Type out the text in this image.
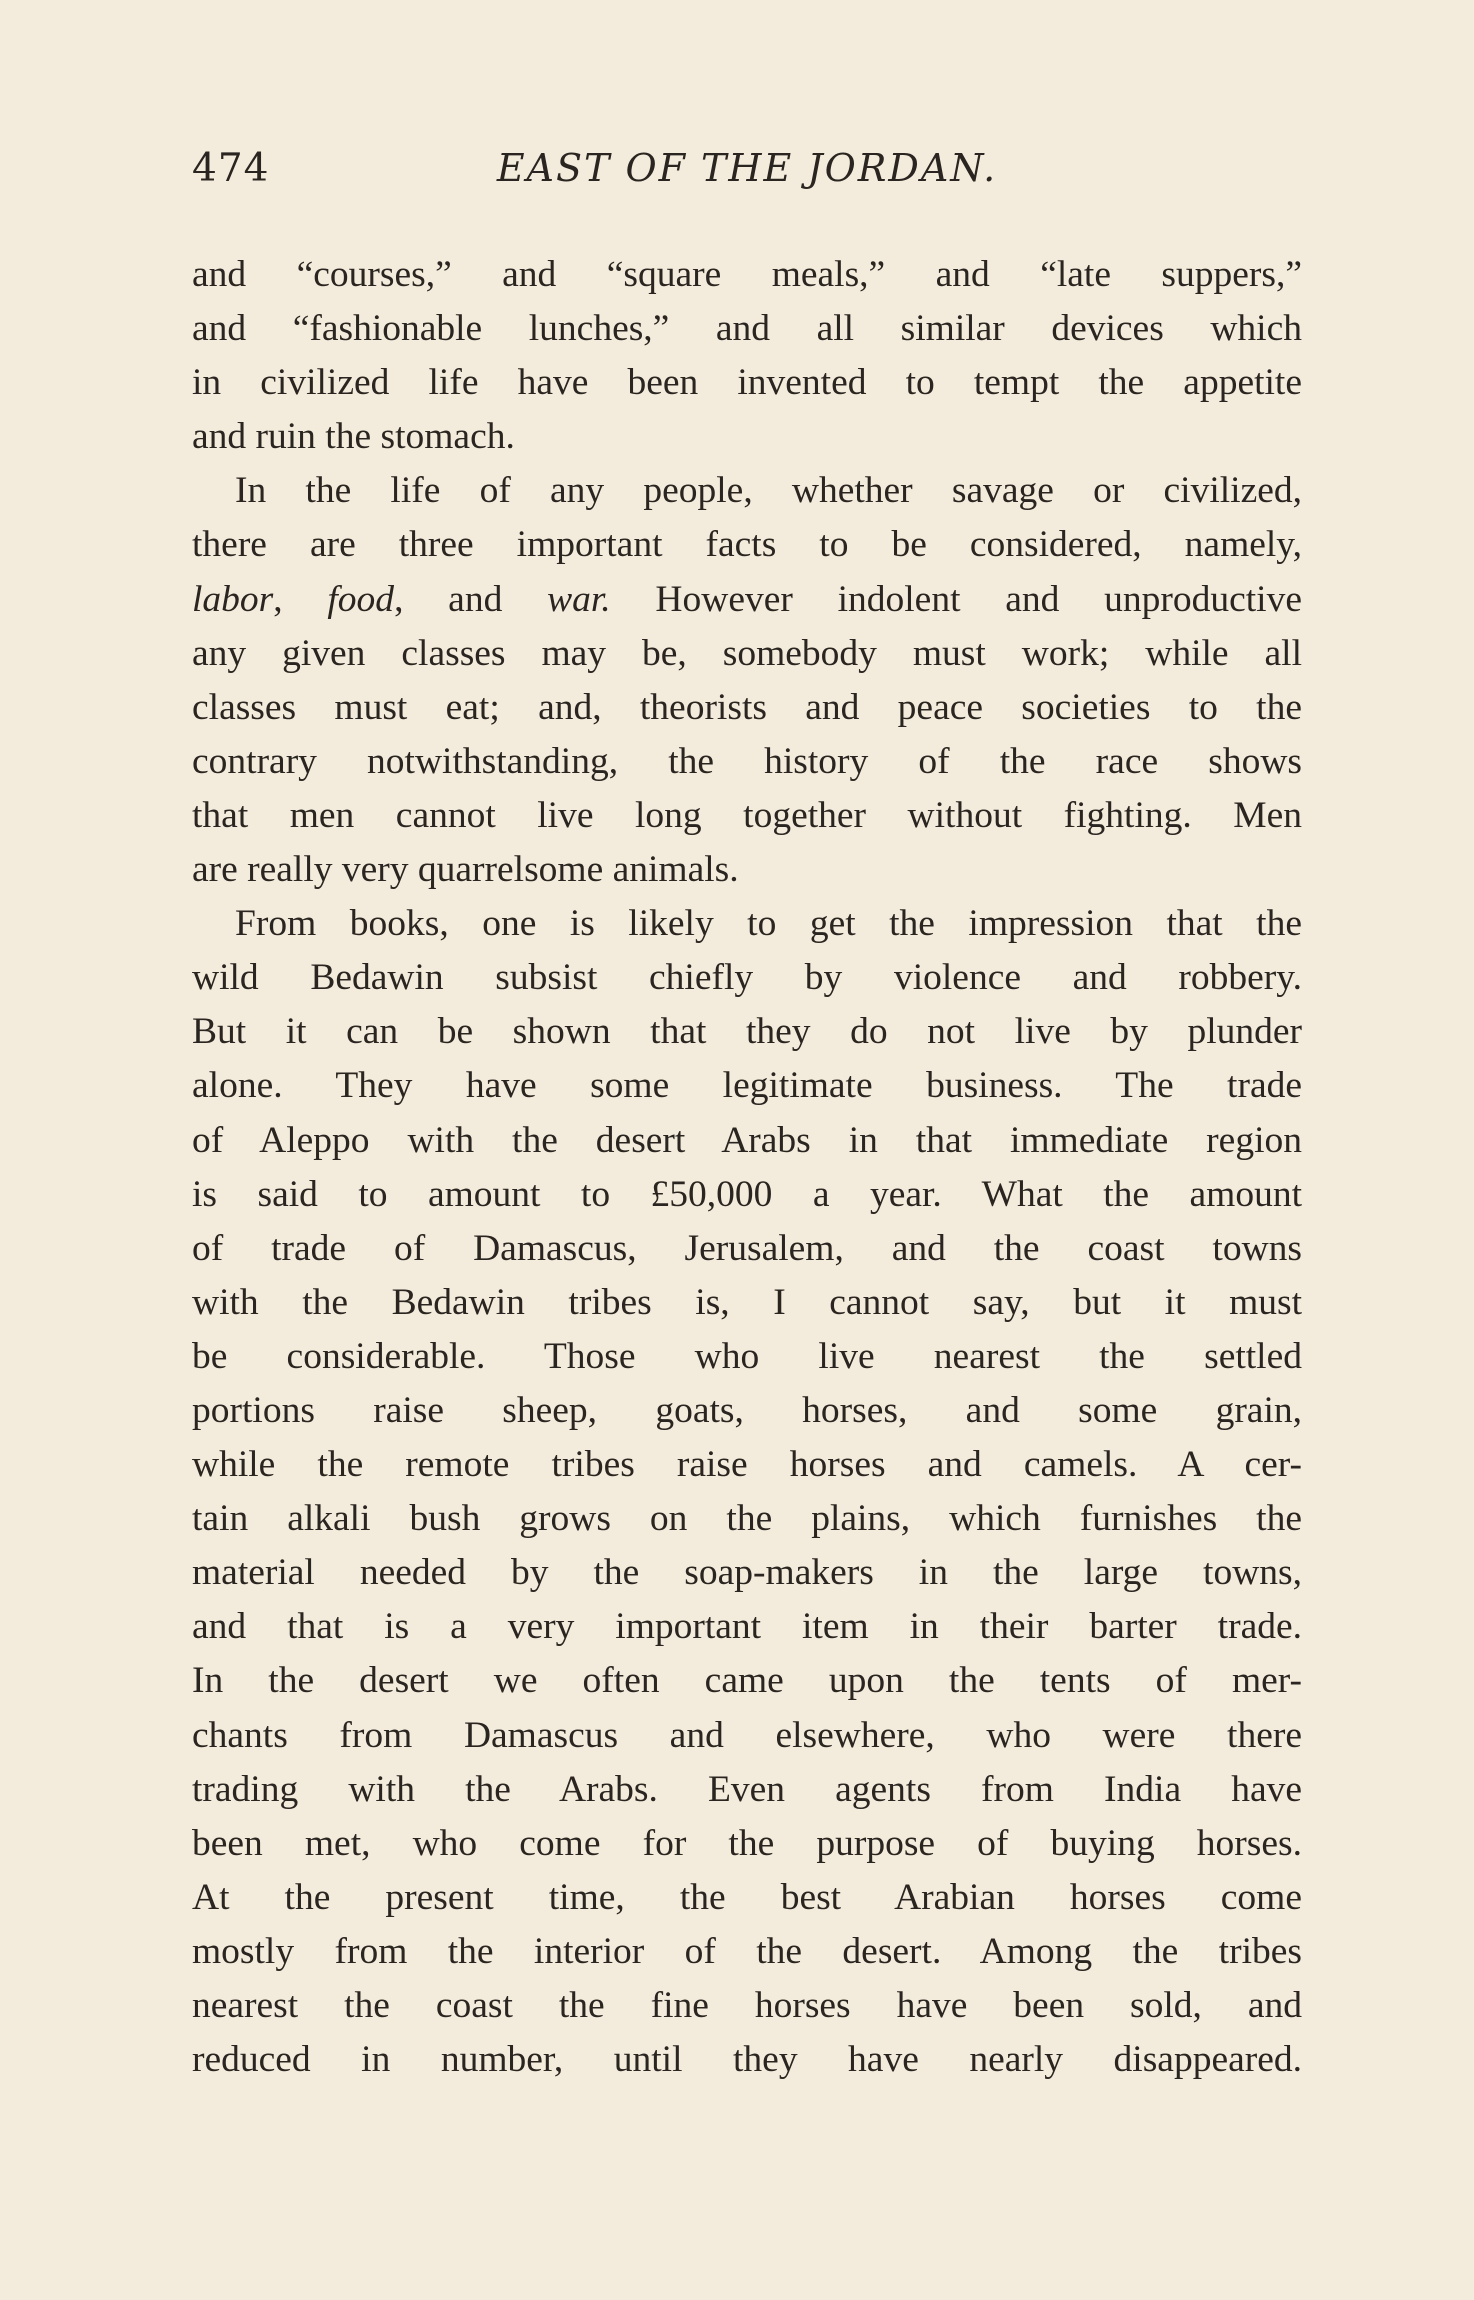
474	EAST OF THE JORDAN.
and “courses,” and “square meals,” and “late suppers,”
and “fashionable lunches,” and all similar devices which
in civilized life have been invented to tempt the appetite
and ruin the stomach.
In the life of any people, whether savage or civilized,
there are three important facts to be considered, namely,
labor, food, and war. However indolent and unproductive
any given classes may be, somebody must work; while all
classes must eat; and, theorists and peace societies to the
contrary notwithstanding, the history of the race shows
that men cannot live long together without fighting. Men
are really very quarrelsome animals.
From books, one is likely to get the impression that the
wild Bedawin subsist chiefly by violence and robbery.
But it can be shown that they do not live by plunder
alone. They have some legitimate business. The trade
of Aleppo with the desert Arabs in that immediate region
is said to amount to £50,000 a year. What the amount
of trade of Damascus, Jerusalem, and the coast towns
with the Bedawin tribes is, I cannot say, but it must
be considerable. Those who live nearest the settled
portions raise sheep, goats, horses, and some grain,
while the remote tribes raise horses and camels. A cer-
tain alkali bush grows on the plains, which furnishes the
material needed by the soap-makers in the large towns,
and that is a very important item in their barter trade.
In the desert we often came upon the tents of mer-
chants from Damascus and elsewhere, who were there
trading with the Arabs. Even agents from India have
been met, who come for the purpose of buying horses.
At the present time, the best Arabian horses come
mostly from the interior of the desert. Among the tribes
nearest the coast the fine horses have been sold, and
reduced in number, until they have nearly disappeared.
